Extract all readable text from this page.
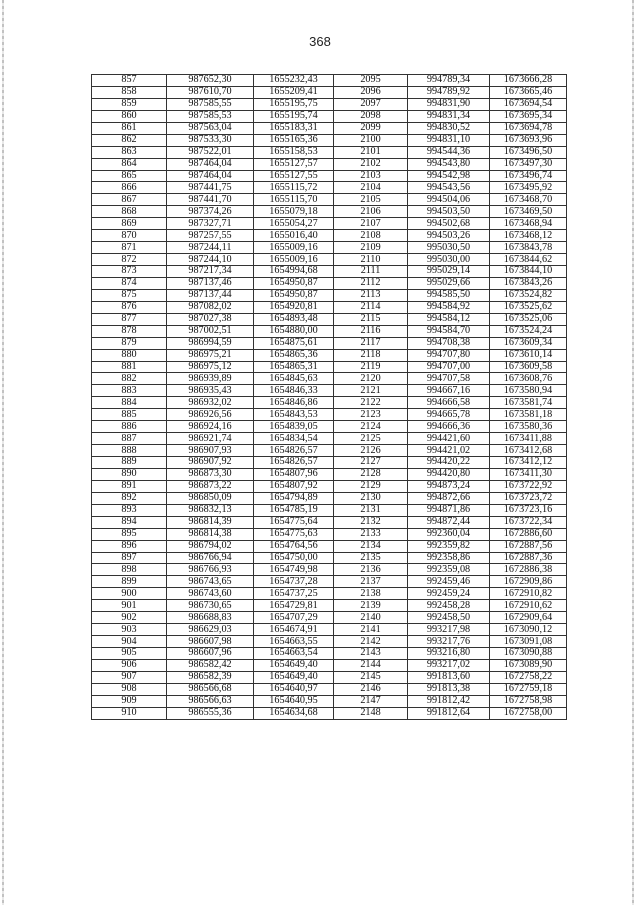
368
857	987652,30	1655232,43	2095	994789,34	1673666,28
858	987610,70	1655209,41	2096	994789,92	1673665,46
859	987585,55	1655195,75	2097	994831,90	1673694,54
860	987585,53	1655195,74	2098	994831,34	1673695,34
861	987563,04	1655183,31	2099	994830,52	1673694,78
862	987533,30	1655165,36	2100	994831,10	1673693,96
863	987522,01	1655158,53	2101	994544,36	1673496,50
864	987464,04	1655127,57	2102	994543,80	1673497,30
865	987464,04	1655127,55	2103	994542,98	1673496,74
866	987441,75	1655115,72	2104	994543,56	1673495,92
867	987441,70	1655115,70	2105	994504,06	1673468,70
868	987374,26	1655079,18	2106	994503,50	1673469,50
869	987327,71	1655054,27	2107	994502,68	1673468,94
870	987257,55	1655016,40	2108	994503,26	1673468,12
871	987244,11	1655009,16	2109	995030,50	1673843,78
872	987244,10	1655009,16	2110	995030,00	1673844,62
873	987217,34	1654994,68	2111	995029,14	1673844,10
874	987137,46	1654950,87	2112	995029,66	1673843,26
875	987137,44	1654950,87	2113	994585,50	1673524,82
876	987082,02	1654920,81	2114	994584,92	1673525,62
877	987027,38	1654893,48	2115	994584,12	1673525,06
878	987002,51	1654880,00	2116	994584,70	1673524,24
879	986994,59	1654875,61	2117	994708,38	1673609,34
880	986975,21	1654865,36	2118	994707,80	1673610,14
881	986975,12	1654865,31	2119	994707,00	1673609,58
882	986939,89	1654845,63	2120	994707,58	1673608,76
883	986935,43	1654846,33	2121	994667,16	1673580,94
884	986932,02	1654846,86	2122	994666,58	1673581,74
885	986926,56	1654843,53	2123	994665,78	1673581,18
886	986924,16	1654839,05	2124	994666,36	1673580,36
887	986921,74	1654834,54	2125	994421,60	1673411,88
888	986907,93	1654826,57	2126	994421,02	1673412,68
889	986907,92	1654826,57	2127	994420,22	1673412,12
890	986873,30	1654807,96	2128	994420,80	1673411,30
891	986873,22	1654807,92	2129	994873,24	1673722,92
892	986850,09	1654794,89	2130	994872,66	1673723,72
893	986832,13	1654785,19	2131	994871,86	1673723,16
894	986814,39	1654775,64	2132	994872,44	1673722,34
895	986814,38	1654775,63	2133	992360,04	1672886,60
896	986794,02	1654764,56	2134	992359,82	1672887,56
897	986766,94	1654750,00	2135	992358,86	1672887,36
898	986766,93	1654749,98	2136	992359,08	1672886,38
899	986743,65	1654737,28	2137	992459,46	1672909,86
900	986743,60	1654737,25	2138	992459,24	1672910,82
901	986730,65	1654729,81	2139	992458,28	1672910,62
902	986688,83	1654707,29	2140	992458,50	1672909,64
903	986629,03	1654674,91	2141	993217,98	1673090,12
904	986607,98	1654663,55	2142	993217,76	1673091,08
905	986607,96	1654663,54	2143	993216,80	1673090,88
906	986582,42	1654649,40	2144	993217,02	1673089,90
907	986582,39	1654649,40	2145	991813,60	1672758,22
908	986566,68	1654640,97	2146	991813,38	1672759,18
909	986566,63	1654640,95	2147	991812,42	1672758,98
910	986555,36	1654634,68	2148	991812,64	1672758,00
